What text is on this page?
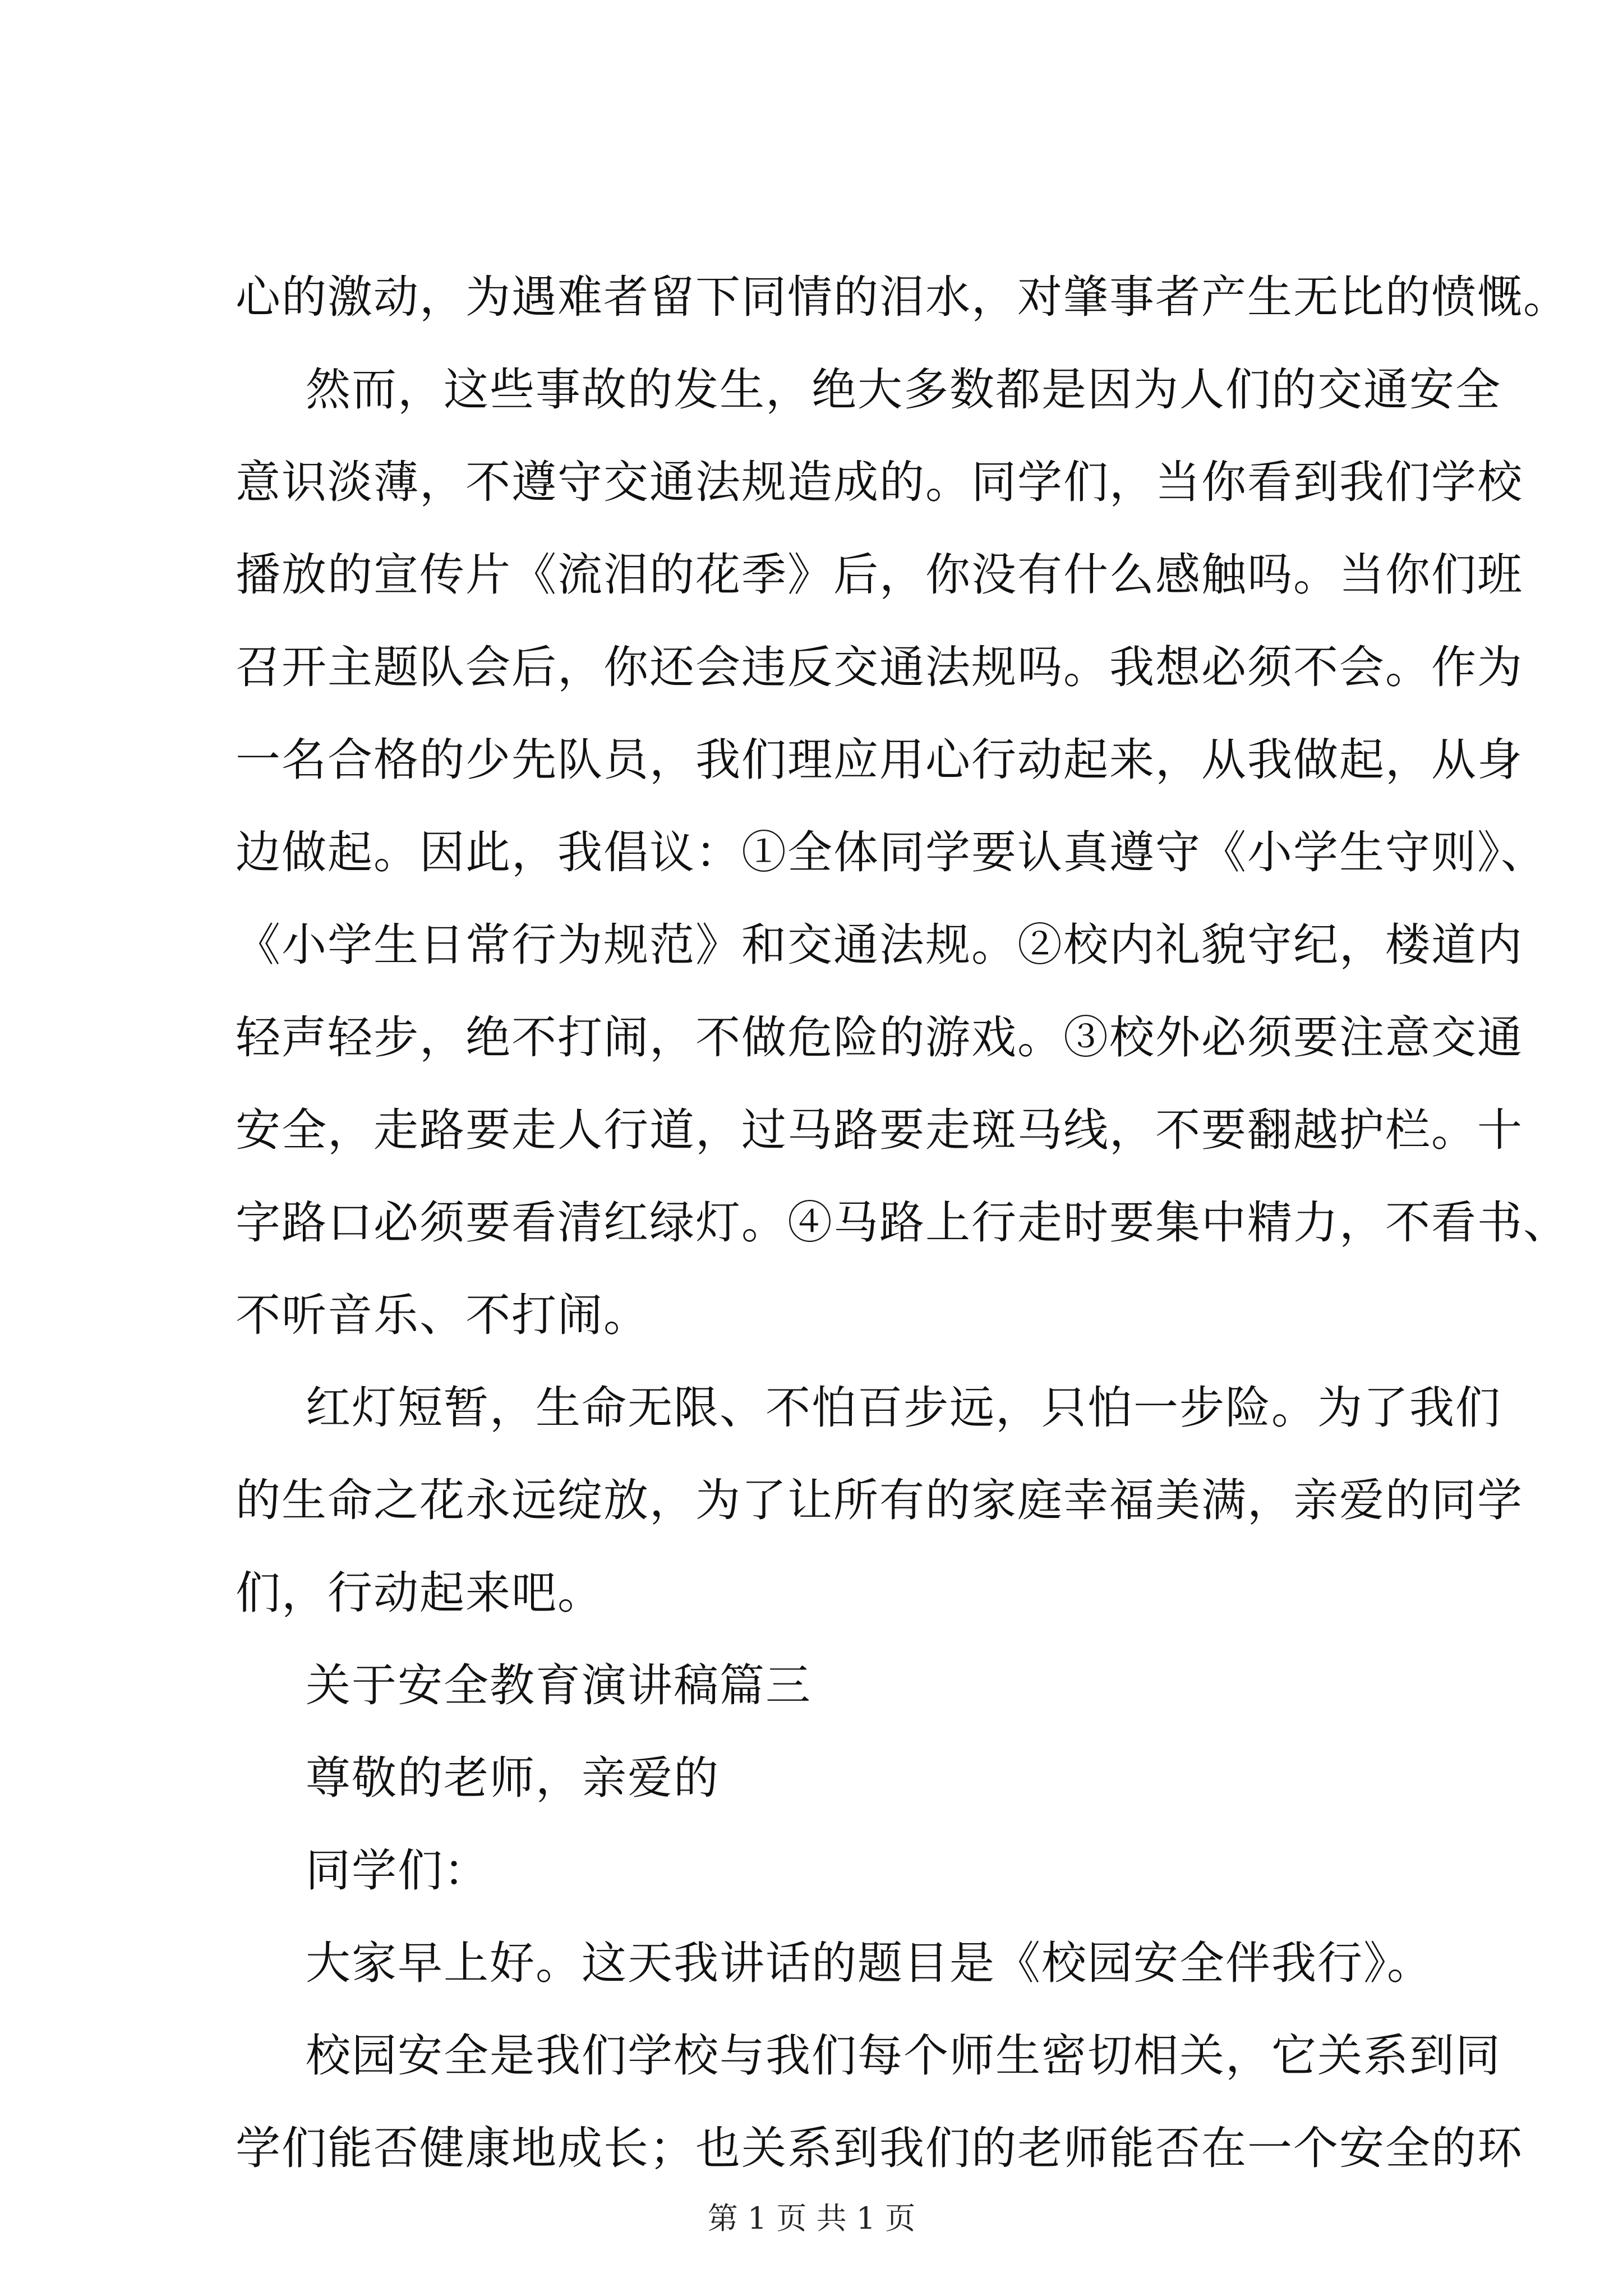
心的激动，为遇难者留下同情的泪水，对肇事者产生无比的愤慨。
然而，这些事故的发生，绝大多数都是因为人们的交通安全
意识淡薄，不遵守交通法规造成的。同学们，当你看到我们学校
播放的宣传片《流泪的花季》后，你没有什么感触吗。当你们班
召开主题队会后，你还会违反交通法规吗。我想必须不会。作为
一名合格的少先队员，我们理应用心行动起来，从我做起，从身
边做起。因此，我倡议：①全体同学要认真遵守《小学生守则》、
《小学生日常行为规范》和交通法规。②校内礼貌守纪，楼道内
轻声轻步，绝不打闹，不做危险的游戏。③校外必须要注意交通
安全，走路要走人行道，过马路要走斑马线，不要翻越护栏。十
字路口必须要看清红绿灯。④马路上行走时要集中精力，不看书、
不听音乐、不打闹。
红灯短暂，生命无限、不怕百步远，只怕一步险。为了我们
的生命之花永远绽放，为了让所有的家庭幸福美满，亲爱的同学
们，行动起来吧。
关于安全教育演讲稿篇三
尊敬的老师，亲爱的
同学们：
大家早上好。这天我讲话的题目是《校园安全伴我行》。
校园安全是我们学校与我们每个师生密切相关，它关系到同
学们能否健康地成长；也关系到我们的老师能否在一个安全的环
第 1 页 共 1 页
